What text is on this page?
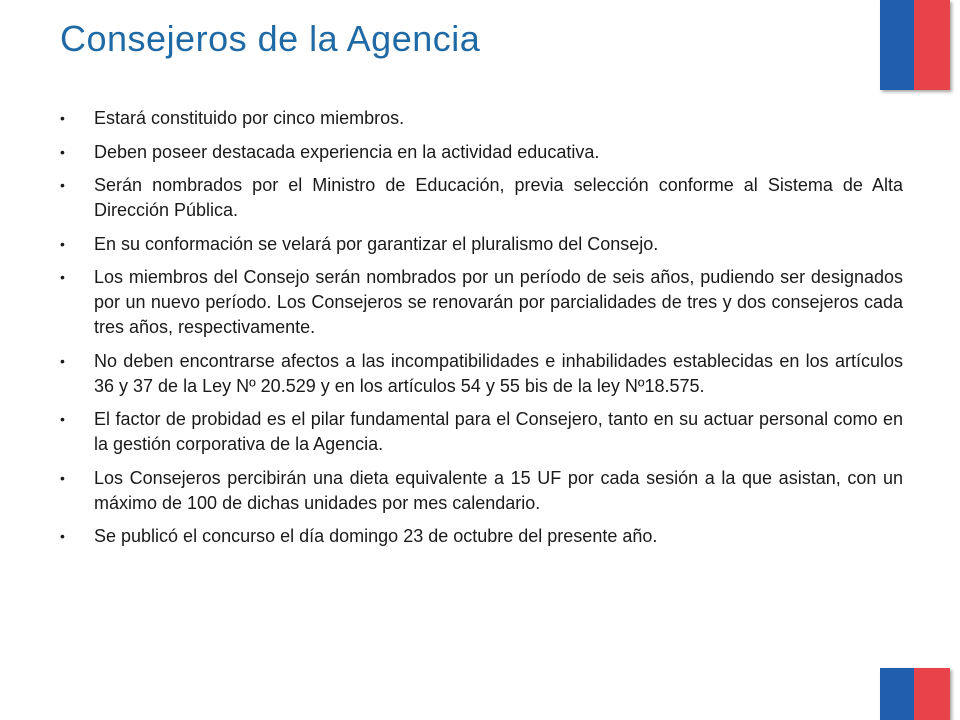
Consejeros de la Agencia
• Estará constituido por cinco miembros.
• Deben poseer destacada experiencia en la actividad educativa.
• Serán nombrados por el Ministro de Educación, previa selección conforme al Sistema de Alta Dirección Pública.
• En su conformación se velará por garantizar el pluralismo del Consejo.
• Los miembros del Consejo serán nombrados por un período de seis años, pudiendo ser designados por un nuevo período. Los Consejeros se renovarán por parcialidades de tres y dos consejeros cada tres años, respectivamente.
• No deben encontrarse afectos a las incompatibilidades e inhabilidades establecidas en los artículos 36 y 37 de la Ley Nº 20.529 y en los artículos 54 y 55 bis de la ley Nº18.575.
• El factor de probidad es el pilar fundamental para el Consejero, tanto en su actuar personal como en la gestión corporativa de la Agencia.
• Los Consejeros percibirán una dieta equivalente a 15 UF por cada sesión a la que asistan, con un máximo de 100 de dichas unidades por mes calendario.
• Se publicó el concurso el día domingo 23 de octubre del presente año.
